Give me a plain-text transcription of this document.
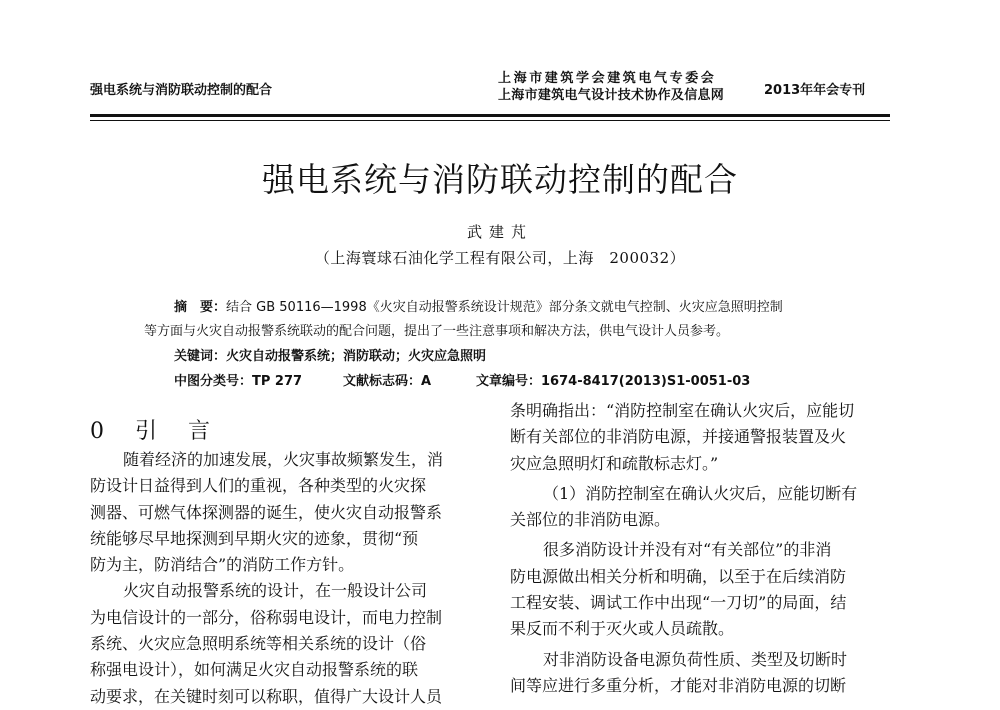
强电系统与消防联动控制的配合
上海市建筑学会建筑电气专委会
上海市建筑电气设计技术协作及信息网	2013年年会专刊
强电系统与消防联动控制的配合
武建芃
（上海寰球石油化学工程有限公司，上海　200032）
摘　要：结合 GB 50116—1998《火灾自动报警系统设计规范》部分条文就电气控制、火灾应急照明控制
等方面与火灾自动报警系统联动的配合问题，提出了一些注意事项和解决方法，供电气设计人员参考。
关键词：火灾自动报警系统；消防联动；火灾应急照明
中图分类号：TP 277	文献标志码：A	文章编号：1674-8417(2013)S1-0051-03
0 引 言
随着经济的加速发展，火灾事故频繁发生，消
防设计日益得到人们的重视，各种类型的火灾探
测器、可燃气体探测器的诞生，使火灾自动报警系
统能够尽早地探测到早期火灾的迹象，贯彻“预
防为主，防消结合”的消防工作方针。
火灾自动报警系统的设计，在一般设计公司
为电信设计的一部分，俗称弱电设计，而电力控制
系统、火灾应急照明系统等相关系统的设计（俗
称强电设计），如何满足火灾自动报警系统的联
动要求，在关键时刻可以称职，值得广大设计人员
条明确指出：“消防控制室在确认火灾后，应能切
断有关部位的非消防电源，并接通警报装置及火
灾应急照明灯和疏散标志灯。”
（1）消防控制室在确认火灾后，应能切断有
关部位的非消防电源。
很多消防设计并没有对“有关部位”的非消
防电源做出相关分析和明确，以至于在后续消防
工程安装、调试工作中出现“一刀切”的局面，结
果反而不利于灭火或人员疏散。
对非消防设备电源负荷性质、类型及切断时
间等应进行多重分析，才能对非消防电源的切断
